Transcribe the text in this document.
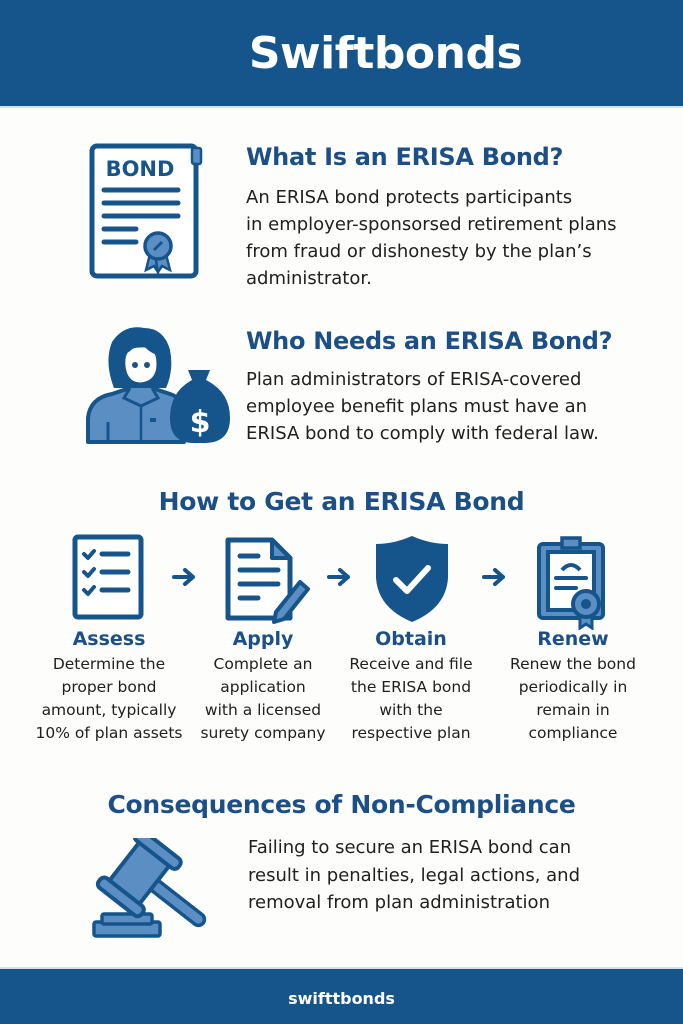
Swiftbonds
BOND	What Is an ERISA Bond?

An ERISA bond protects participants
in employer-sponsorsed retirement plans
from fraud or dishonesty by the plan’s
administrator.

$
Who Needs an ERISA Bond?

Plan administrators of ERISA-covered
employee benefit plans must have an
ERISA bond to comply with federal law.

How to Get an ERISA Bond
Assess
Determine the
proper bond
amount, typically
10% of plan assets
Apply
Complete an
application
with a licensed
surety company
Obtain
Receive and file
the ERISA bond
with the
respective plan
Renew
Renew the bond
periodically in
remain in
compliance
Consequences of Non-Compliance

Failing to secure an ERISA bond can
result in penalties, legal actions, and
removal from plan administration

swifttbonds
